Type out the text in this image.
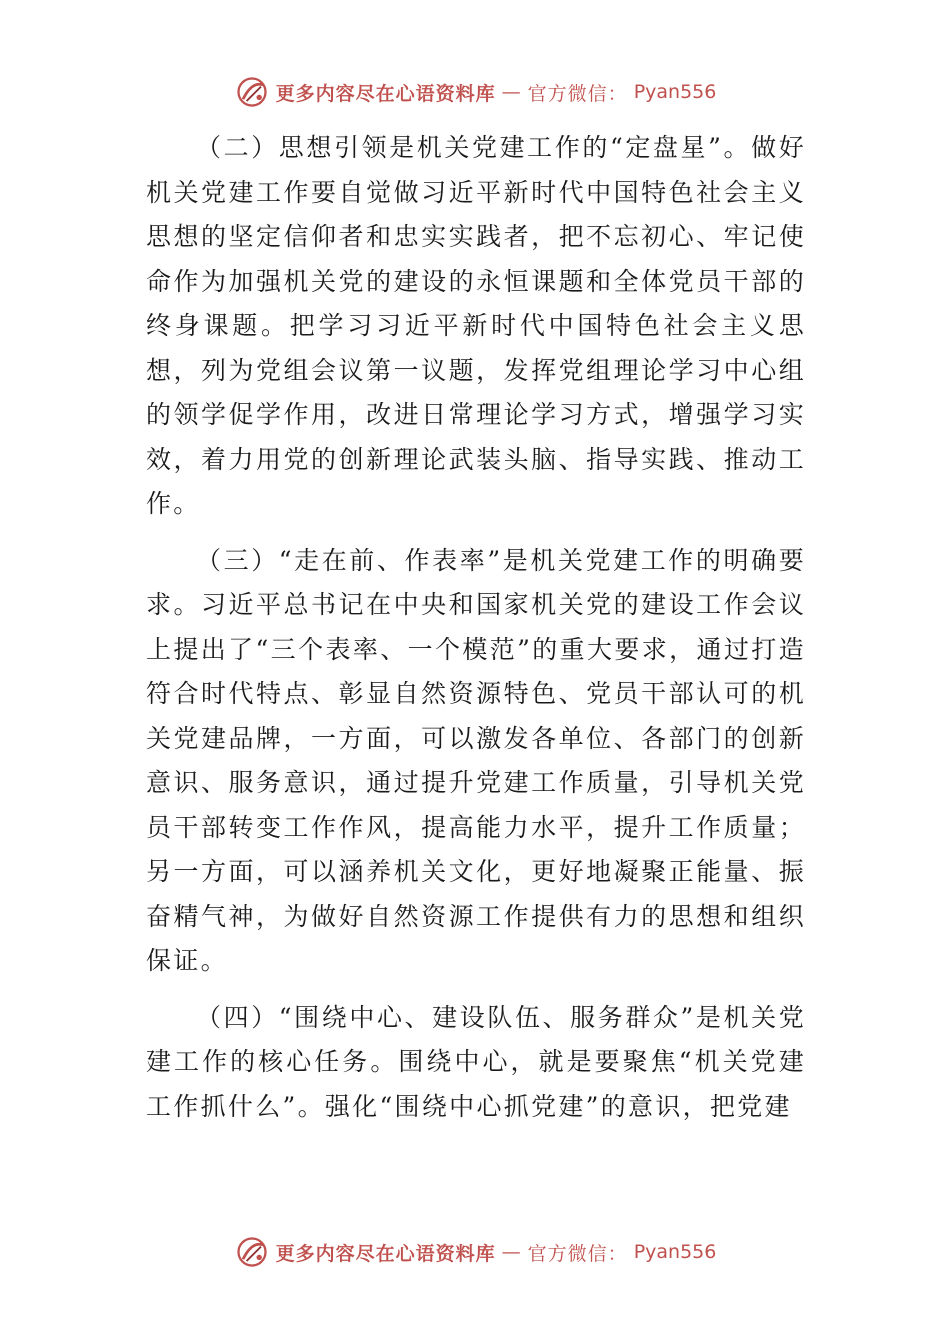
更多内容尽在心语资料库 — 官方微信： Pyan556

（二）思想引领是机关党建工作的“定盘星”。做好机关党建工作要自觉做习近平新时代中国特色社会主义思想的坚定信仰者和忠实实践者，把不忘初心、牢记使命作为加强机关党的建设的永恒课题和全体党员干部的终身课题。把学习习近平新时代中国特色社会主义思想，列为党组会议第一议题，发挥党组理论学习中心组的领学促学作用，改进日常理论学习方式，增强学习实效，着力用党的创新理论武装头脑、指导实践、推动工作。

（三）“走在前、作表率”是机关党建工作的明确要求。习近平总书记在中央和国家机关党的建设工作会议上提出了“三个表率、一个模范”的重大要求，通过打造符合时代特点、彰显自然资源特色、党员干部认可的机关党建品牌，一方面，可以激发各单位、各部门的创新意识、服务意识，通过提升党建工作质量，引导机关党员干部转变工作作风，提高能力水平，提升工作质量；另一方面，可以涵养机关文化，更好地凝聚正能量、振奋精气神，为做好自然资源工作提供有力的思想和组织保证。

（四）“围绕中心、建设队伍、服务群众”是机关党建工作的核心任务。围绕中心，就是要聚焦“机关党建工作抓什么”。强化“围绕中心抓党建”的意识，把党建

更多内容尽在心语资料库 — 官方微信： Pyan556
